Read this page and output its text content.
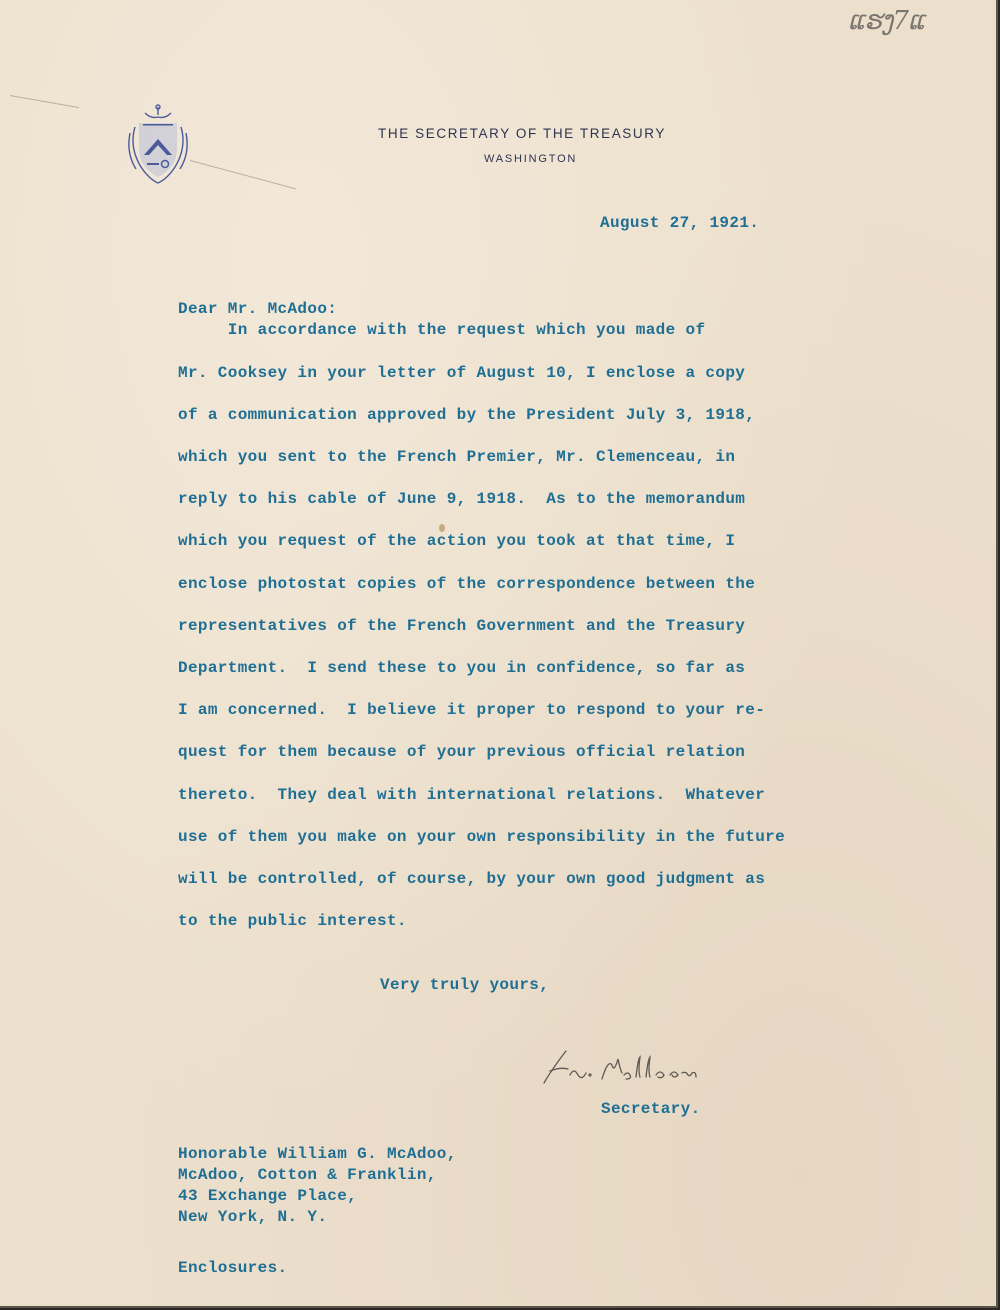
THE SECRETARY OF THE TREASURY
WASHINGTON
ແຮງ7ແ
August 27, 1921.
Dear Mr. McAdoo:
In accordance with the request which you made of
Mr. Cooksey in your letter of August 10, I enclose a copy
of a communication approved by the President July 3, 1918,
which you sent to the French Premier, Mr. Clemenceau, in
reply to his cable of June 9, 1918.  As to the memorandum
which you request of the action you took at that time, I
enclose photostat copies of the correspondence between the
representatives of the French Government and the Treasury
Department.  I send these to you in confidence, so far as
I am concerned.  I believe it proper to respond to your re-
quest for them because of your previous official relation
thereto.  They deal with international relations.  Whatever
use of them you make on your own responsibility in the future
will be controlled, of course, by your own good judgment as
to the public interest.
Very truly yours,
Secretary.
Honorable William G. McAdoo,
McAdoo, Cotton & Franklin,
43 Exchange Place,
New York, N. Y.
Enclosures.
